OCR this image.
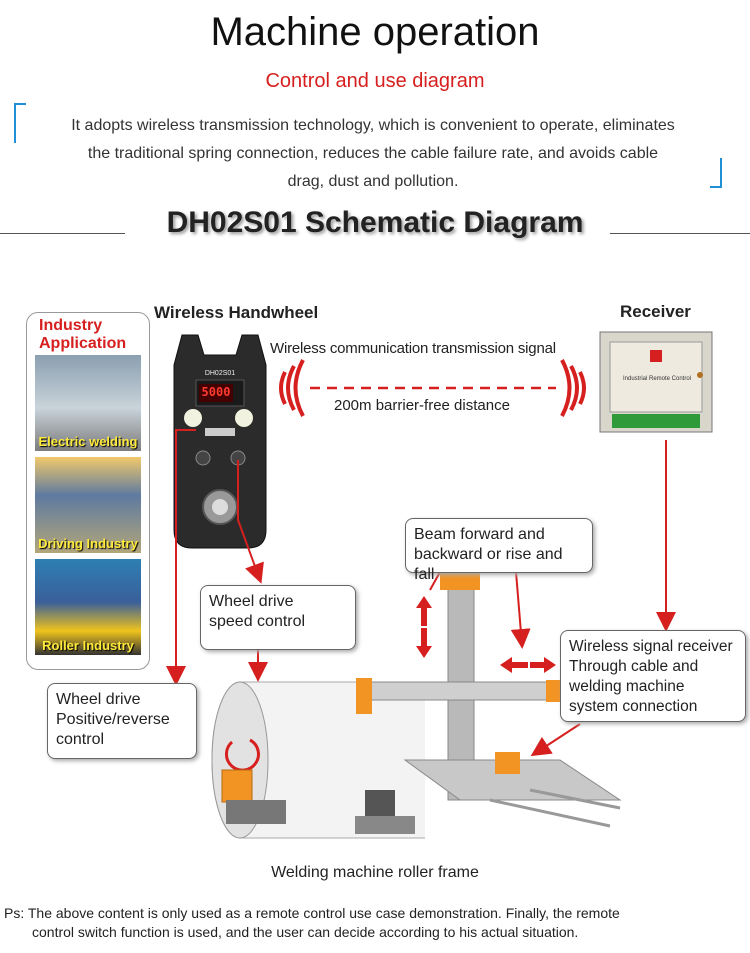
Machine operation
Control and use diagram
It adopts wireless transmission technology, which is convenient to operate, eliminates
the traditional spring connection, reduces the cable failure rate, and avoids cable
drag, dust and pollution.
DH02S01 Schematic Diagram
Wireless Handwheel
DH02S01
5000
Receiver
Industrial Remote Control
Wireless communication transmission signal
200m barrier-free distance
Industry
Application
Electric welding
Driving Industry
Roller Industry
Wheel drive
speed control
Wheel drive
Positive/reverse
control
Beam forward and
backward or rise and fall
Wireless signal receiver
Through cable and
welding machine
system connection
Welding machine roller frame
Ps: The above content is only used as a remote control use case demonstration. Finally, the remote
control switch function is used, and the user can decide according to his actual situation.
